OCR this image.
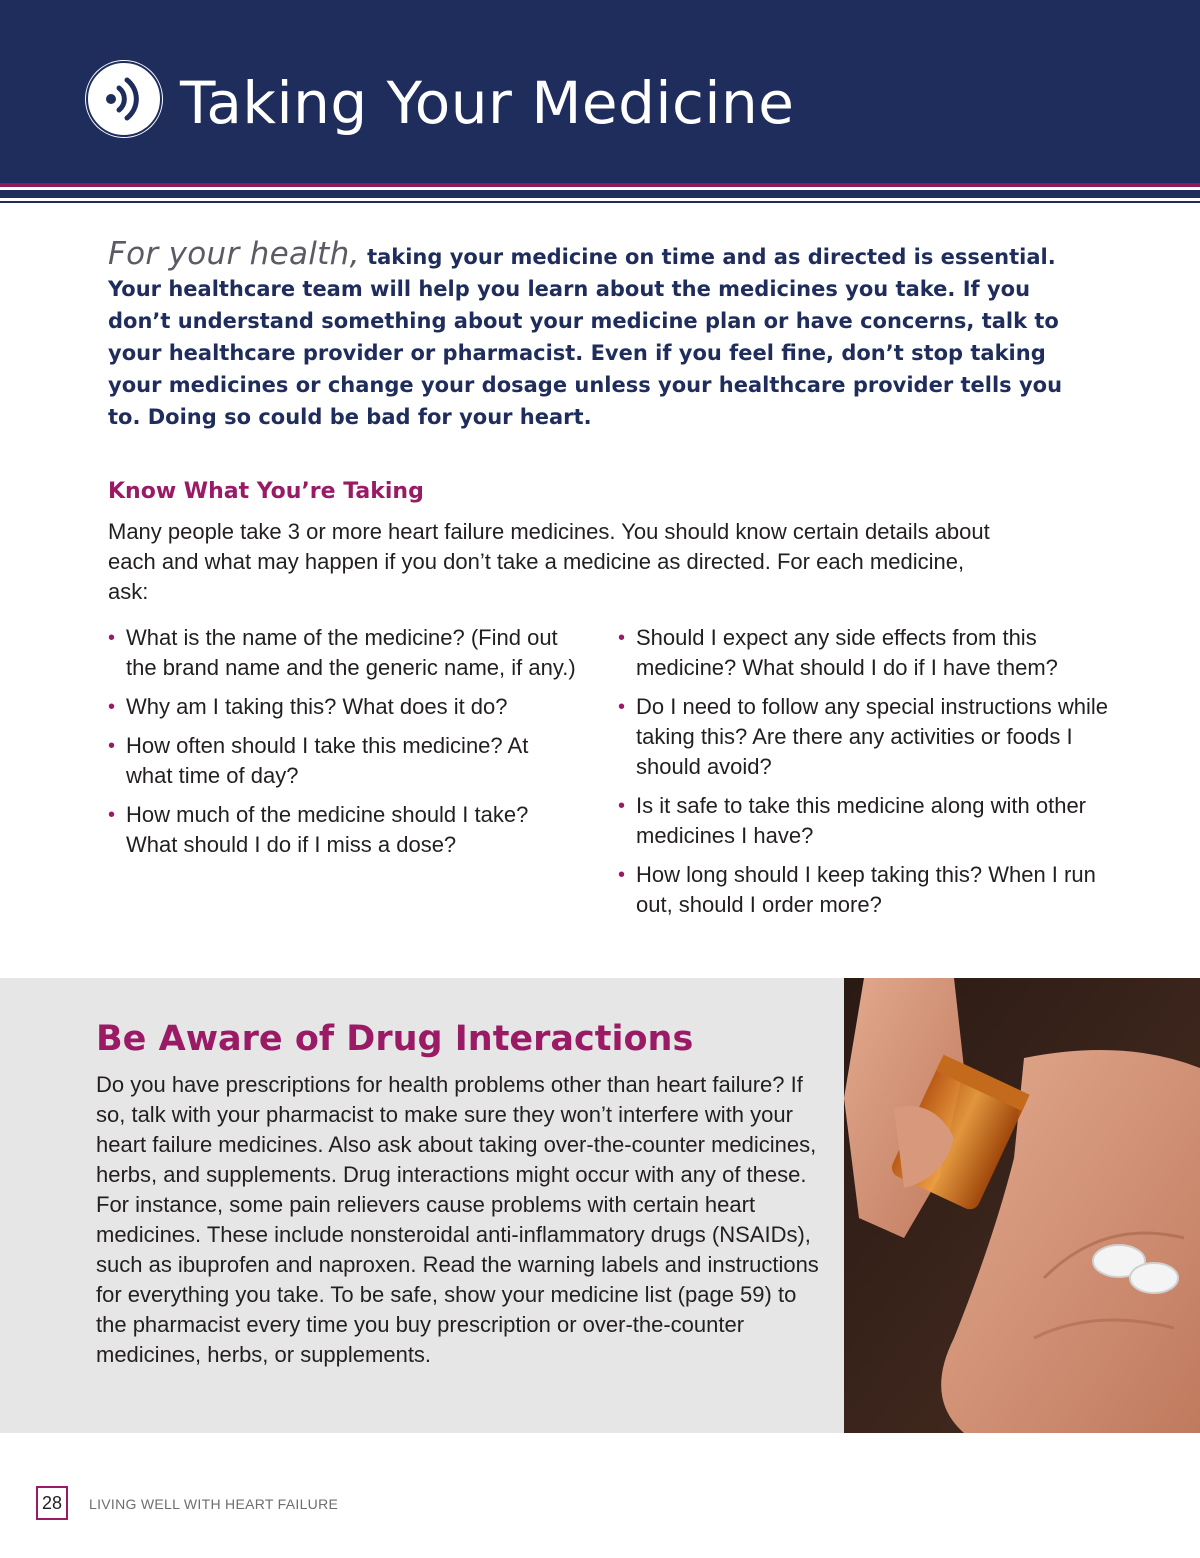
Taking Your Medicine

For your health, taking your medicine on time and as directed is essential. Your healthcare team will help you learn about the medicines you take. If you don’t understand something about your medicine plan or have concerns, talk to your healthcare provider or pharmacist. Even if you feel fine, don’t stop taking your medicines or change your dosage unless your healthcare provider tells you to. Doing so could be bad for your heart.

Know What You’re Taking

Many people take 3 or more heart failure medicines. You should know certain details about each and what may happen if you don’t take a medicine as directed. For each medicine, ask:

• What is the name of the medicine? (Find out the brand name and the generic name, if any.)
• Why am I taking this? What does it do?
• How often should I take this medicine? At what time of day?
• How much of the medicine should I take? What should I do if I miss a dose?
• Should I expect any side effects from this medicine? What should I do if I have them?
• Do I need to follow any special instructions while taking this? Are there any activities or foods I should avoid?
• Is it safe to take this medicine along with other medicines I have?
• How long should I keep taking this? When I run out, should I order more?
Be Aware of Drug Interactions

Do you have prescriptions for health problems other than heart failure? If so, talk with your pharmacist to make sure they won’t interfere with your heart failure medicines. Also ask about taking over-the-counter medicines, herbs, and supplements. Drug interactions might occur with any of these. For instance, some pain relievers cause problems with certain heart medicines. These include nonsteroidal anti-inflammatory drugs (NSAIDs), such as ibuprofen and naproxen. Read the warning labels and instructions for everything you take. To be safe, show your medicine list (page 59) to the pharmacist every time you buy prescription or over-the-counter medicines, herbs, or supplements.

28	LIVING WELL WITH HEART FAILURE
